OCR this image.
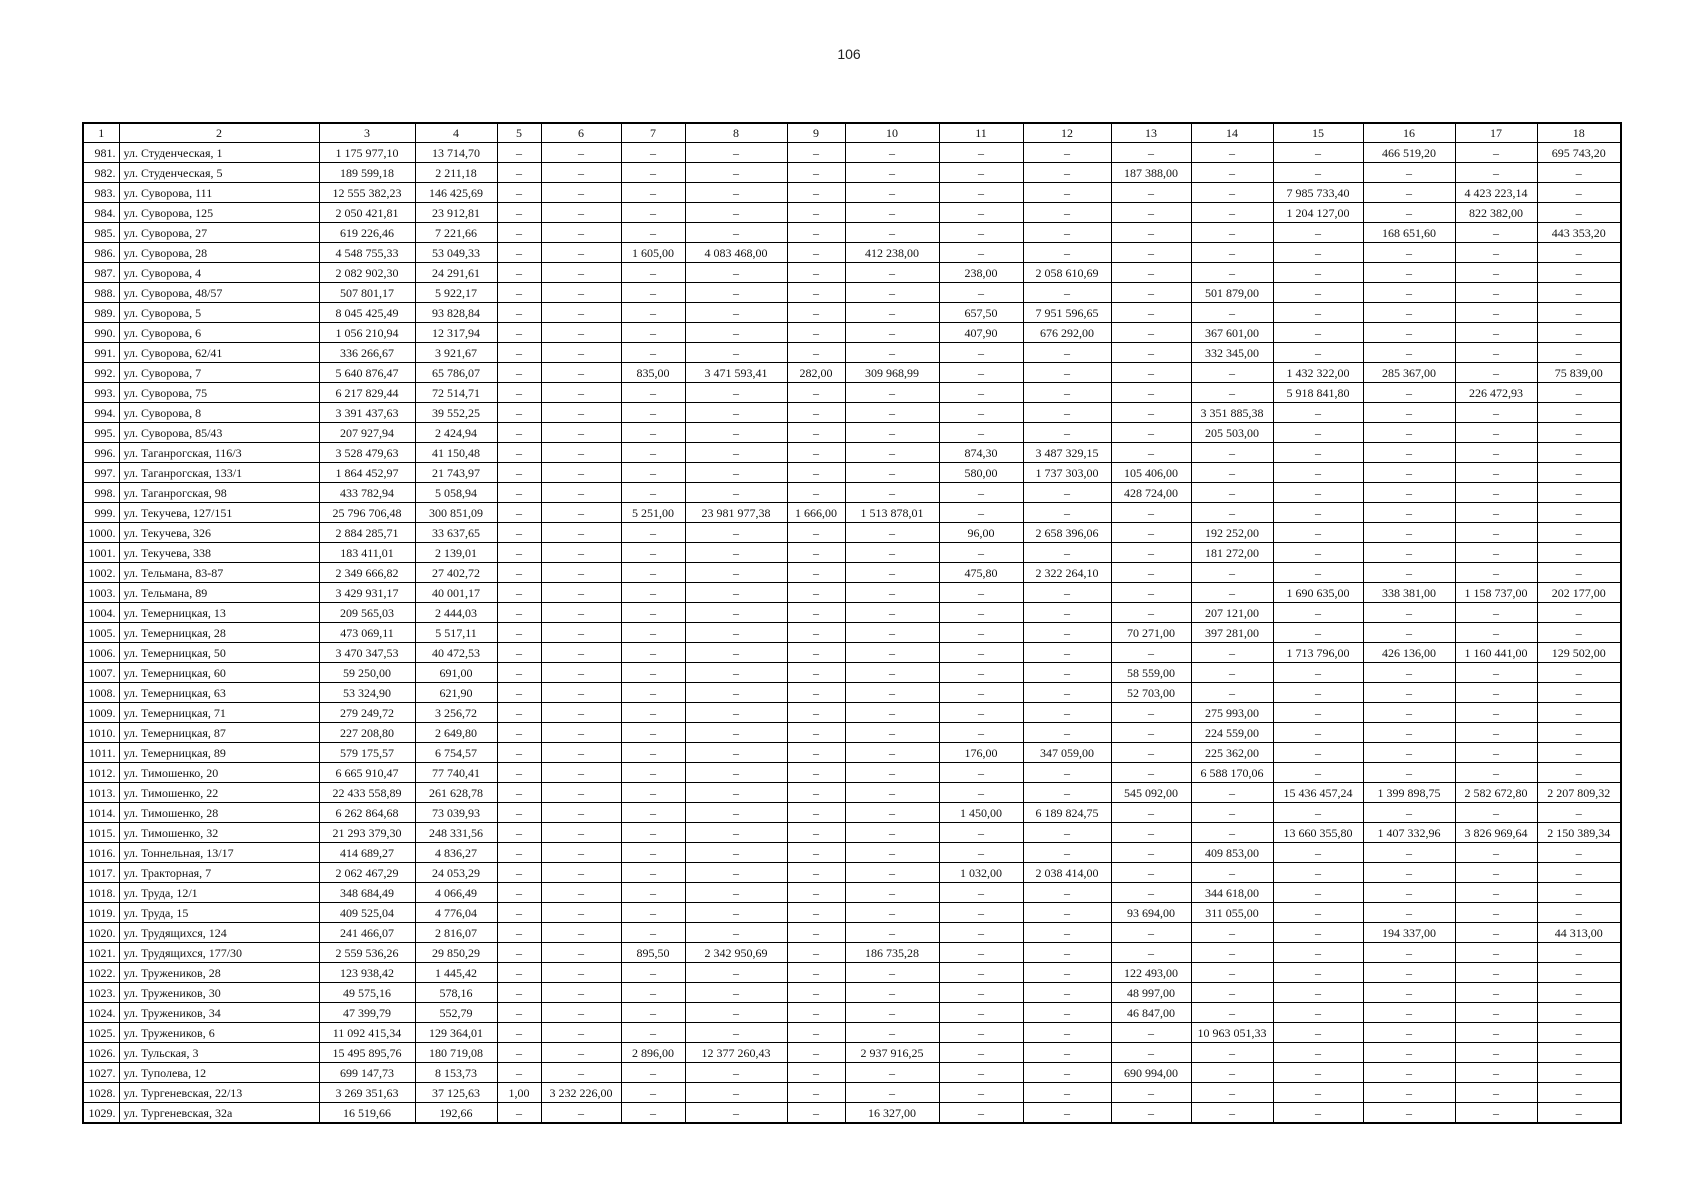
106
1	2	3	4	5	6	7	8	9	10	11	12	13	14	15	16	17	18
981.	ул. Студенческая, 1	1 175 977,10	13 714,70	–	–	–	–	–	–	–	–	–	–	–	466 519,20	–	695 743,20
982.	ул. Студенческая, 5	189 599,18	2 211,18	–	–	–	–	–	–	–	–	187 388,00	–	–	–	–	–
983.	ул. Суворова, 111	12 555 382,23	146 425,69	–	–	–	–	–	–	–	–	–	–	7 985 733,40	–	4 423 223,14	–
984.	ул. Суворова, 125	2 050 421,81	23 912,81	–	–	–	–	–	–	–	–	–	–	1 204 127,00	–	822 382,00	–
985.	ул. Суворова, 27	619 226,46	7 221,66	–	–	–	–	–	–	–	–	–	–	–	168 651,60	–	443 353,20
986.	ул. Суворова, 28	4 548 755,33	53 049,33	–	–	1 605,00	4 083 468,00	–	412 238,00	–	–	–	–	–	–	–	–
987.	ул. Суворова, 4	2 082 902,30	24 291,61	–	–	–	–	–	–	238,00	2 058 610,69	–	–	–	–	–	–
988.	ул. Суворова, 48/57	507 801,17	5 922,17	–	–	–	–	–	–	–	–	–	501 879,00	–	–	–	–
989.	ул. Суворова, 5	8 045 425,49	93 828,84	–	–	–	–	–	–	657,50	7 951 596,65	–	–	–	–	–	–
990.	ул. Суворова, 6	1 056 210,94	12 317,94	–	–	–	–	–	–	407,90	676 292,00	–	367 601,00	–	–	–	–
991.	ул. Суворова, 62/41	336 266,67	3 921,67	–	–	–	–	–	–	–	–	–	332 345,00	–	–	–	–
992.	ул. Суворова, 7	5 640 876,47	65 786,07	–	–	835,00	3 471 593,41	282,00	309 968,99	–	–	–	–	1 432 322,00	285 367,00	–	75 839,00
993.	ул. Суворова, 75	6 217 829,44	72 514,71	–	–	–	–	–	–	–	–	–	–	5 918 841,80	–	226 472,93	–
994.	ул. Суворова, 8	3 391 437,63	39 552,25	–	–	–	–	–	–	–	–	–	3 351 885,38	–	–	–	–
995.	ул. Суворова, 85/43	207 927,94	2 424,94	–	–	–	–	–	–	–	–	–	205 503,00	–	–	–	–
996.	ул. Таганрогская, 116/3	3 528 479,63	41 150,48	–	–	–	–	–	–	874,30	3 487 329,15	–	–	–	–	–	–
997.	ул. Таганрогская, 133/1	1 864 452,97	21 743,97	–	–	–	–	–	–	580,00	1 737 303,00	105 406,00	–	–	–	–	–
998.	ул. Таганрогская, 98	433 782,94	5 058,94	–	–	–	–	–	–	–	–	428 724,00	–	–	–	–	–
999.	ул. Текучева, 127/151	25 796 706,48	300 851,09	–	–	5 251,00	23 981 977,38	1 666,00	1 513 878,01	–	–	–	–	–	–	–	–
1000.	ул. Текучева, 326	2 884 285,71	33 637,65	–	–	–	–	–	–	96,00	2 658 396,06	–	192 252,00	–	–	–	–
1001.	ул. Текучева, 338	183 411,01	2 139,01	–	–	–	–	–	–	–	–	–	181 272,00	–	–	–	–
1002.	ул. Тельмана, 83-87	2 349 666,82	27 402,72	–	–	–	–	–	–	475,80	2 322 264,10	–	–	–	–	–	–
1003.	ул. Тельмана, 89	3 429 931,17	40 001,17	–	–	–	–	–	–	–	–	–	–	1 690 635,00	338 381,00	1 158 737,00	202 177,00
1004.	ул. Темерницкая, 13	209 565,03	2 444,03	–	–	–	–	–	–	–	–	–	207 121,00	–	–	–	–
1005.	ул. Темерницкая, 28	473 069,11	5 517,11	–	–	–	–	–	–	–	–	70 271,00	397 281,00	–	–	–	–
1006.	ул. Темерницкая, 50	3 470 347,53	40 472,53	–	–	–	–	–	–	–	–	–	–	1 713 796,00	426 136,00	1 160 441,00	129 502,00
1007.	ул. Темерницкая, 60	59 250,00	691,00	–	–	–	–	–	–	–	–	58 559,00	–	–	–	–	–
1008.	ул. Темерницкая, 63	53 324,90	621,90	–	–	–	–	–	–	–	–	52 703,00	–	–	–	–	–
1009.	ул. Темерницкая, 71	279 249,72	3 256,72	–	–	–	–	–	–	–	–	–	275 993,00	–	–	–	–
1010.	ул. Темерницкая, 87	227 208,80	2 649,80	–	–	–	–	–	–	–	–	–	224 559,00	–	–	–	–
1011.	ул. Темерницкая, 89	579 175,57	6 754,57	–	–	–	–	–	–	176,00	347 059,00	–	225 362,00	–	–	–	–
1012.	ул. Тимошенко, 20	6 665 910,47	77 740,41	–	–	–	–	–	–	–	–	–	6 588 170,06	–	–	–	–
1013.	ул. Тимошенко, 22	22 433 558,89	261 628,78	–	–	–	–	–	–	–	–	545 092,00	–	15 436 457,24	1 399 898,75	2 582 672,80	2 207 809,32
1014.	ул. Тимошенко, 28	6 262 864,68	73 039,93	–	–	–	–	–	–	1 450,00	6 189 824,75	–	–	–	–	–	–
1015.	ул. Тимошенко, 32	21 293 379,30	248 331,56	–	–	–	–	–	–	–	–	–	–	13 660 355,80	1 407 332,96	3 826 969,64	2 150 389,34
1016.	ул. Тоннельная, 13/17	414 689,27	4 836,27	–	–	–	–	–	–	–	–	–	409 853,00	–	–	–	–
1017.	ул. Тракторная, 7	2 062 467,29	24 053,29	–	–	–	–	–	–	1 032,00	2 038 414,00	–	–	–	–	–	–
1018.	ул. Труда, 12/1	348 684,49	4 066,49	–	–	–	–	–	–	–	–	–	344 618,00	–	–	–	–
1019.	ул. Труда, 15	409 525,04	4 776,04	–	–	–	–	–	–	–	–	93 694,00	311 055,00	–	–	–	–
1020.	ул. Трудящихся, 124	241 466,07	2 816,07	–	–	–	–	–	–	–	–	–	–	–	194 337,00	–	44 313,00
1021.	ул. Трудящихся, 177/30	2 559 536,26	29 850,29	–	–	895,50	2 342 950,69	–	186 735,28	–	–	–	–	–	–	–	–
1022.	ул. Тружеников, 28	123 938,42	1 445,42	–	–	–	–	–	–	–	–	122 493,00	–	–	–	–	–
1023.	ул. Тружеников, 30	49 575,16	578,16	–	–	–	–	–	–	–	–	48 997,00	–	–	–	–	–
1024.	ул. Тружеников, 34	47 399,79	552,79	–	–	–	–	–	–	–	–	46 847,00	–	–	–	–	–
1025.	ул. Тружеников, 6	11 092 415,34	129 364,01	–	–	–	–	–	–	–	–	–	10 963 051,33	–	–	–	–
1026.	ул. Тульская, 3	15 495 895,76	180 719,08	–	–	2 896,00	12 377 260,43	–	2 937 916,25	–	–	–	–	–	–	–	–
1027.	ул. Туполева, 12	699 147,73	8 153,73	–	–	–	–	–	–	–	–	690 994,00	–	–	–	–	–
1028.	ул. Тургеневская, 22/13	3 269 351,63	37 125,63	1,00	3 232 226,00	–	–	–	–	–	–	–	–	–	–	–	–
1029.	ул. Тургеневская, 32а	16 519,66	192,66	–	–	–	–	–	16 327,00	–	–	–	–	–	–	–	–
